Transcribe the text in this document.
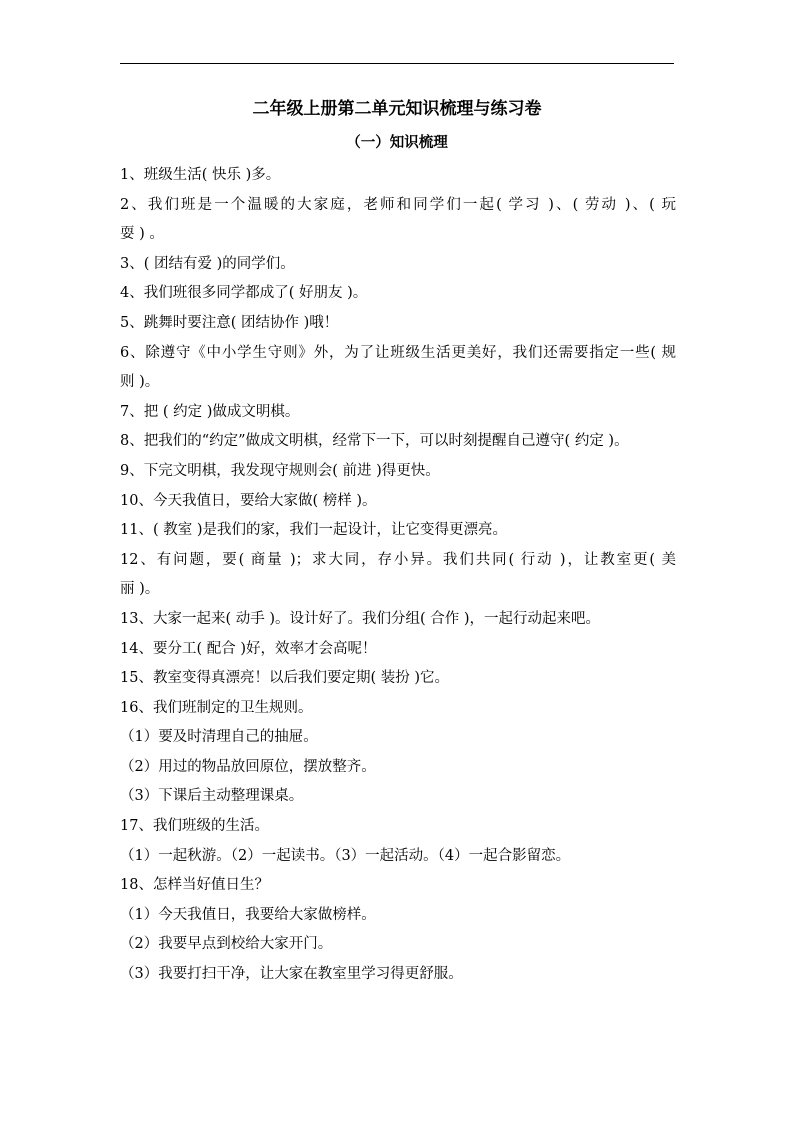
二年级上册第二单元知识梳理与练习卷
（一）知识梳理
1、班级生活( 快乐 )多。
2、我们班是一个温暖的大家庭，老师和同学们一起( 学习 )、( 劳动 )、( 玩
耍 ) 。
3、( 团结有爱 )的同学们。
4、我们班很多同学都成了( 好朋友 )。
5、跳舞时要注意( 团结协作 )哦！
6、除遵守《中小学生守则》外，为了让班级生活更美好，我们还需要指定一些( 规
则 )。
7、把 ( 约定 )做成文明棋。
8、把我们的“约定”做成文明棋，经常下一下，可以时刻提醒自己遵守( 约定 )。
9、下完文明棋，我发现守规则会( 前进 )得更快。
10、今天我值日，要给大家做( 榜样 )。
11、( 教室 )是我们的家，我们一起设计，让它变得更漂亮。
12、有问题，要( 商量 )；求大同，存小异。我们共同( 行动 )，让教室更( 美
丽 )。
13、大家一起来( 动手 )。设计好了。我们分组( 合作 )，一起行动起来吧。
14、要分工( 配合 )好，效率才会高呢！
15、教室变得真漂亮！以后我们要定期( 装扮 )它。
16、我们班制定的卫生规则。
（1）要及时清理自己的抽屉。
（2）用过的物品放回原位，摆放整齐。
（3）下课后主动整理课桌。
17、我们班级的生活。
（1）一起秋游。（2）一起读书。（3）一起活动。（4）一起合影留恋。
18、怎样当好值日生？
（1）今天我值日，我要给大家做榜样。
（2）我要早点到校给大家开门。
（3）我要打扫干净，让大家在教室里学习得更舒服。
